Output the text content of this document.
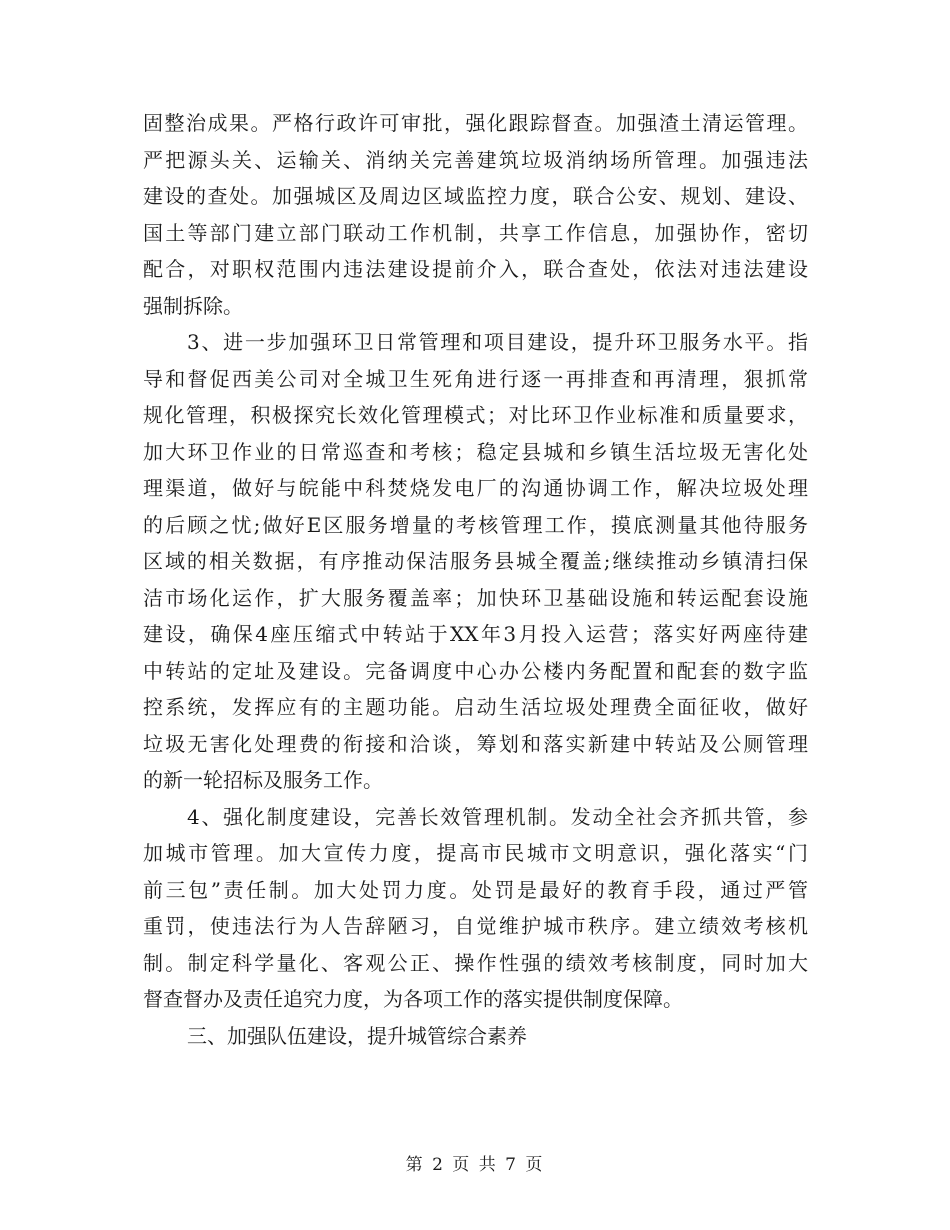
固整治成果。严格行政许可审批，强化跟踪督查。加强渣土清运管理。
严把源头关、运输关、消纳关完善建筑垃圾消纳场所管理。加强违法
建设的查处。加强城区及周边区域监控力度，联合公安、规划、建设、
国土等部门建立部门联动工作机制，共享工作信息，加强协作，密切
配合，对职权范围内违法建设提前介入，联合查处，依法对违法建设
强制拆除。
3、进一步加强环卫日常管理和项目建设，提升环卫服务水平。指
导和督促西美公司对全城卫生死角进行逐一再排查和再清理，狠抓常
规化管理，积极探究长效化管理模式；对比环卫作业标准和质量要求，
加大环卫作业的日常巡查和考核；稳定县城和乡镇生活垃圾无害化处
理渠道，做好与皖能中科焚烧发电厂的沟通协调工作，解决垃圾处理
的后顾之忧;做好E区服务增量的考核管理工作，摸底测量其他待服务
区域的相关数据，有序推动保洁服务县城全覆盖;继续推动乡镇清扫保
洁市场化运作，扩大服务覆盖率；加快环卫基础设施和转运配套设施
建设，确保4座压缩式中转站于XX年3月投入运营；落实好两座待建
中转站的定址及建设。完备调度中心办公楼内务配置和配套的数字监
控系统，发挥应有的主题功能。启动生活垃圾处理费全面征收，做好
垃圾无害化处理费的衔接和洽谈，筹划和落实新建中转站及公厕管理
的新一轮招标及服务工作。
4、强化制度建设，完善长效管理机制。发动全社会齐抓共管，参
加城市管理。加大宣传力度，提高市民城市文明意识，强化落实“门
前三包”责任制。加大处罚力度。处罚是最好的教育手段，通过严管
重罚，使违法行为人告辞陋习，自觉维护城市秩序。建立绩效考核机
制。制定科学量化、客观公正、操作性强的绩效考核制度，同时加大
督查督办及责任追究力度，为各项工作的落实提供制度保障。
三、加强队伍建设，提升城管综合素养
第 2 页 共 7 页
